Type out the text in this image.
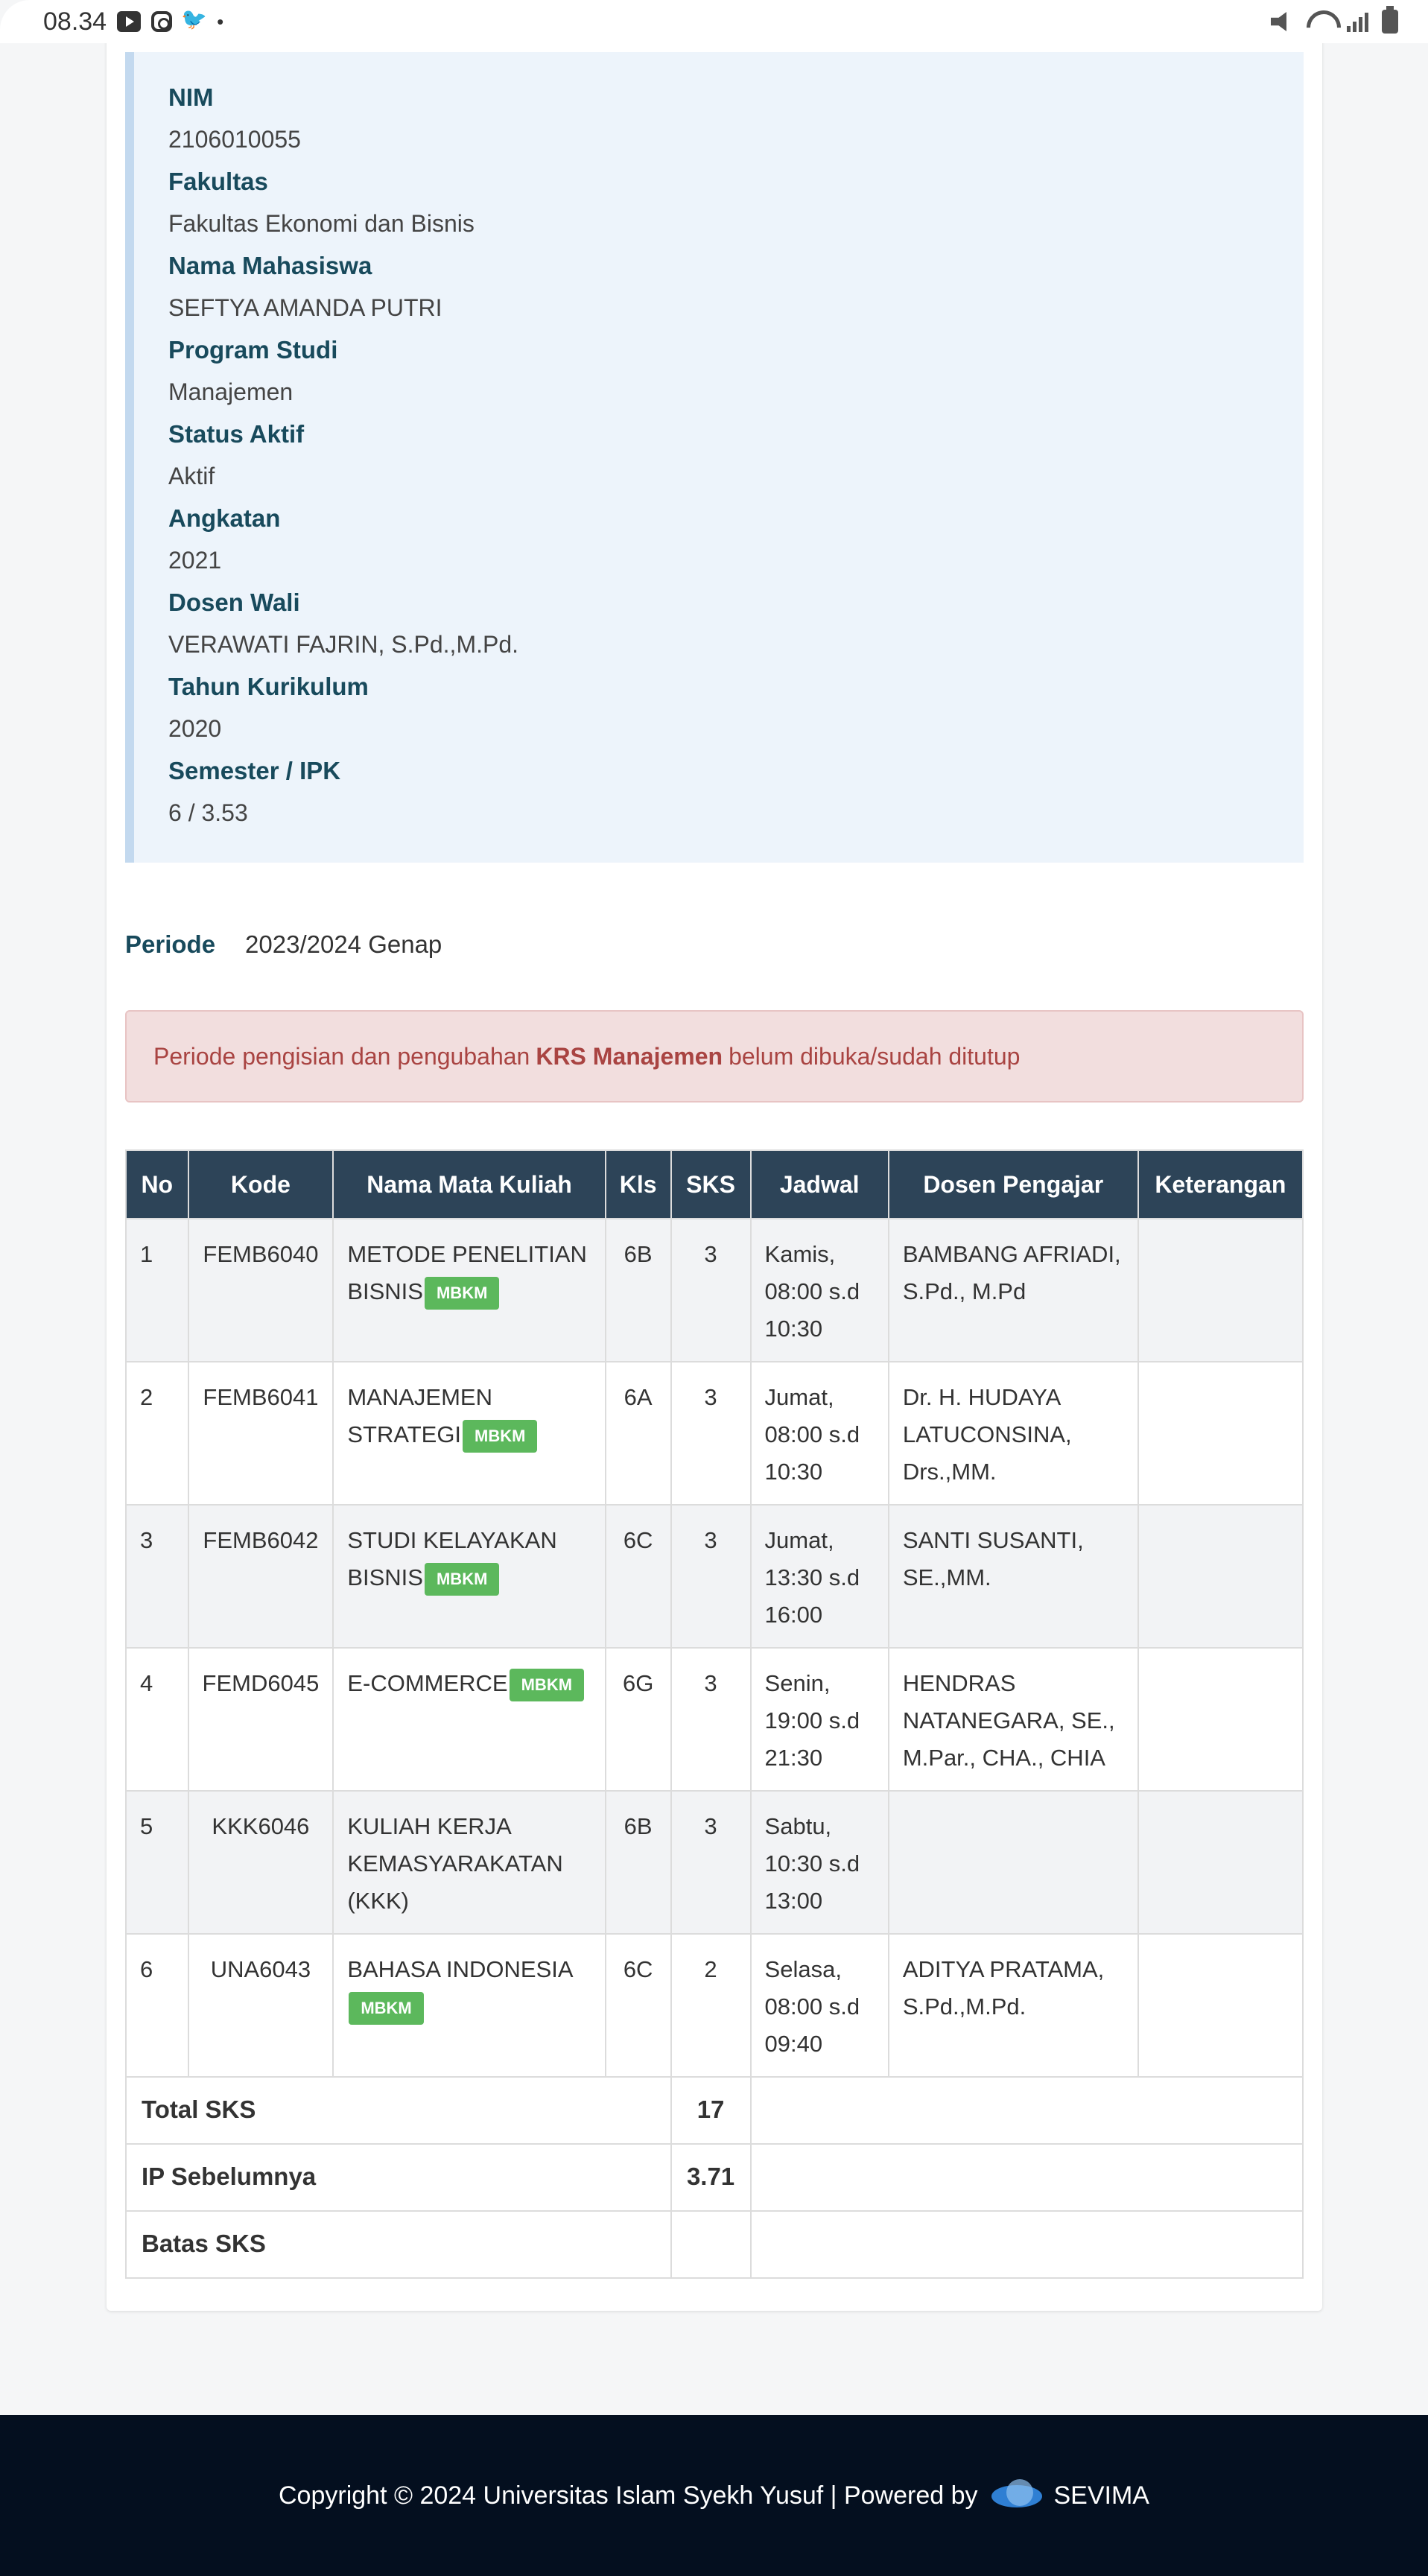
08.34 🐦	•
NIM
2106010055
Fakultas
Fakultas Ekonomi dan Bisnis
Nama Mahasiswa
SEFTYA AMANDA PUTRI
Program Studi
Manajemen
Status Aktif
Aktif
Angkatan
2021
Dosen Wali
VERAWATI FAJRIN, S.Pd.,M.Pd.
Tahun Kurikulum
2020
Semester / IPK
6 / 3.53
Periode 2023/2024 Genap
Periode pengisian dan pengubahan KRS Manajemen belum dibuka/sudah ditutup
No	Kode	Nama Mata Kuliah	Kls	SKS	Jadwal	Dosen Pengajar	Keterangan
1	FEMB6040	METODE PENELITIAN BISNIS MBKM	6B	3	Kamis, 08:00 s.d 10:30	BAMBANG AFRIADI, S.Pd., M.Pd	
2	FEMB6041	MANAJEMEN STRATEGI MBKM	6A	3	Jumat, 08:00 s.d 10:30	Dr. H. HUDAYA LATUCONSINA, Drs.,MM.	
3	FEMB6042	STUDI KELAYAKAN BISNIS MBKM	6C	3	Jumat, 13:30 s.d 16:00	SANTI SUSANTI, SE.,MM.	
4	FEMD6045	E-COMMERCE MBKM	6G	3	Senin, 19:00 s.d 21:30	HENDRAS NATANEGARA, SE., M.Par., CHA., CHIA	
5	KKK6046	KULIAH KERJA KEMASYARAKATAN (KKK)	6B	3	Sabtu, 10:30 s.d 13:00		
6	UNA6043	BAHASA INDONESIAMBKM	6C	2	Selasa, 08:00 s.d 09:40	ADITYA PRATAMA, S.Pd.,M.Pd.	
Total SKS				17			
IP Sebelumnya				3.71			
Batas SKS							
Copyright © 2024 Universitas Islam Syekh Yusuf | Powered by	SEVIMA
